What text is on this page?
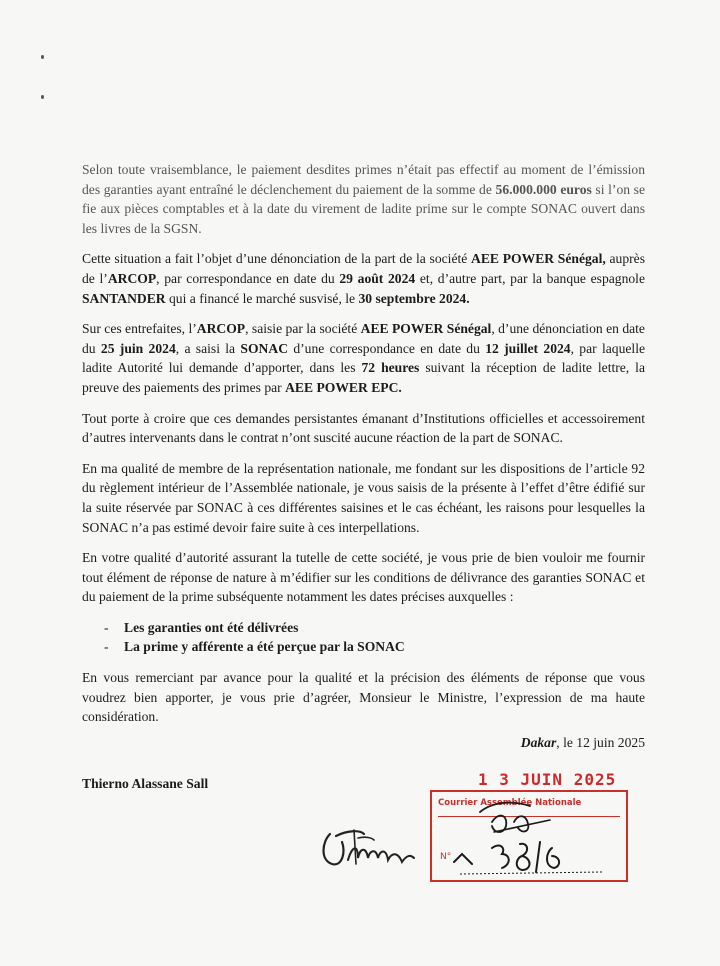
Selon toute vraisemblance, le paiement desdites primes n’était pas effectif au moment de l’émission des garanties ayant entraîné le déclenchement du paiement de la somme de 56.000.000 euros si l’on se fie aux pièces comptables et à la date du virement de ladite prime sur le compte SONAC ouvert dans les livres de la SGSN.

Cette situation a fait l’objet d’une dénonciation de la part de la société AEE POWER Sénégal, auprès de l’ARCOP, par correspondance en date du 29 août 2024 et, d’autre part, par la banque espagnole SANTANDER qui a financé le marché susvisé, le 30 septembre 2024.

Sur ces entrefaites, l’ARCOP, saisie par la société AEE POWER Sénégal, d’une dénonciation en date du 25 juin 2024, a saisi la SONAC d’une correspondance en date du 12 juillet 2024, par laquelle ladite Autorité lui demande d’apporter, dans les 72 heures suivant la réception de ladite lettre, la preuve des paiements des primes par AEE POWER EPC.

Tout porte à croire que ces demandes persistantes émanant d’Institutions officielles et accessoirement d’autres intervenants dans le contrat n’ont suscité aucune réaction de la part de SONAC.

En ma qualité de membre de la représentation nationale, me fondant sur les dispositions de l’article 92 du règlement intérieur de l’Assemblée nationale, je vous saisis de la présente à l’effet d’être édifié sur la suite réservée par SONAC à ces différentes saisines et le cas échéant, les raisons pour lesquelles la SONAC n’a pas estimé devoir faire suite à ces interpellations.

En votre qualité d’autorité assurant la tutelle de cette société, je vous prie de bien vouloir me fournir tout élément de réponse de nature à m’édifier sur les conditions de délivrance des garanties SONAC et du paiement de la prime subséquente notamment les dates précises auxquelles :

- Les garanties ont été délivrées
- La prime y afférente a été perçue par la SONAC

En vous remerciant par avance pour la qualité et la précision des éléments de réponse que vous voudrez bien apporter, je vous prie d’agréer, Monsieur le Ministre, l’expression de ma haute considération.

Dakar, le 12 juin 2025
Thierno Alassane Sall	1 3 JUIN 2025
Courrier Assemblée Nationale
N°
